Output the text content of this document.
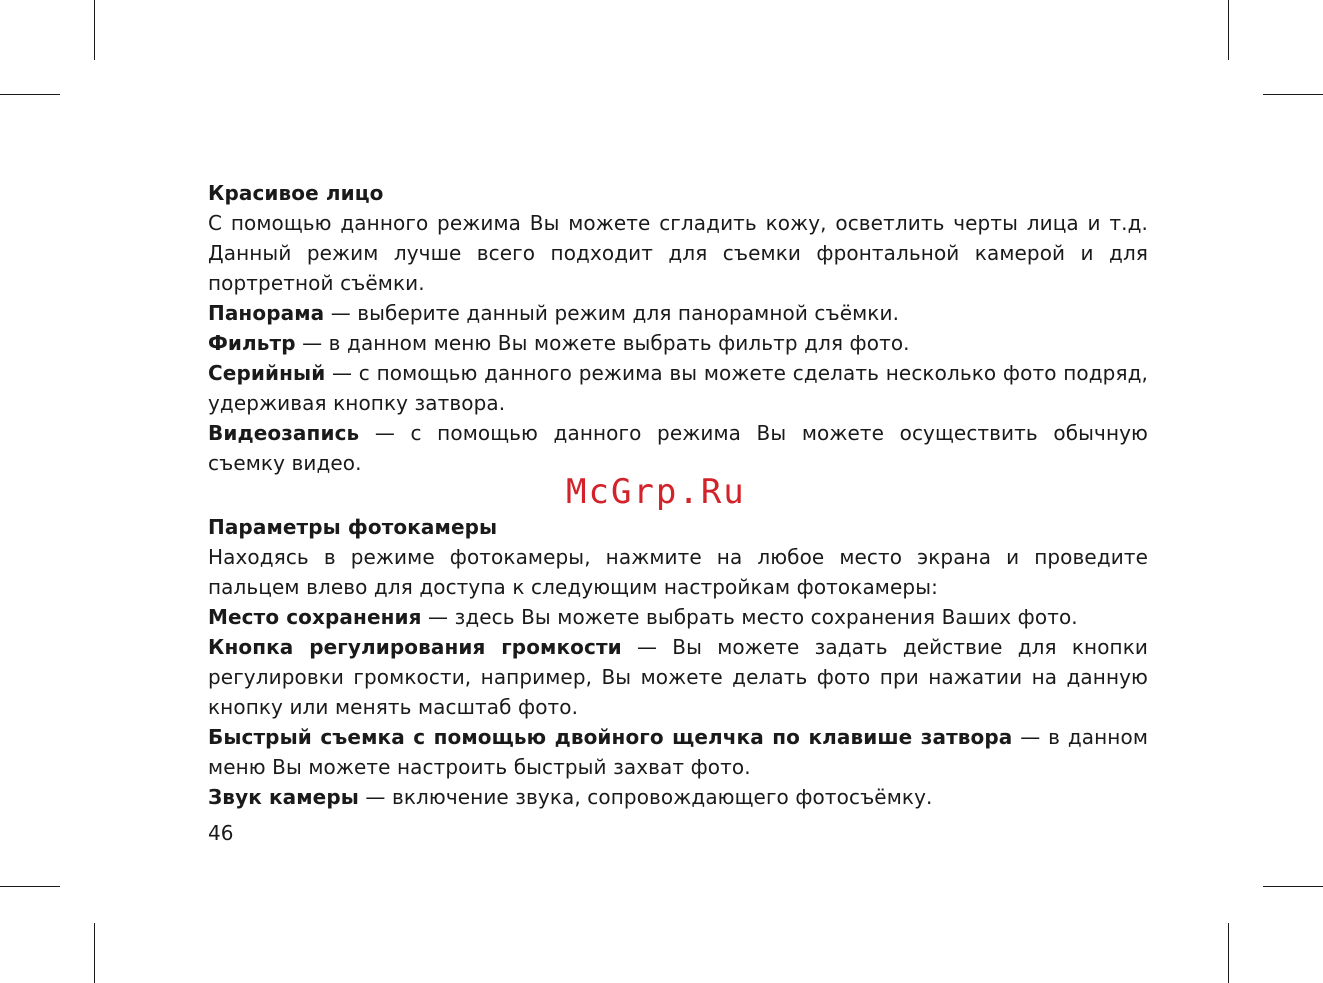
Красивое лицо

С помощью данного режима Вы можете сгладить кожу, осветлить черты лица и т.д. Данный режим лучше всего подходит для съемки фронтальной камерой и для портретной съёмки.

Панорама — выберите данный режим для панорамной съёмки.

Фильтр — в данном меню Вы можете выбрать фильтр для фото.

Серийный — с помощью данного режима вы можете сделать несколько фото подряд, удерживая кнопку затвора.

Видеозапись — с помощью данного режима Вы можете осуществить обычную съемку видео.

Параметры фотокамеры

Находясь в режиме фотокамеры, нажмите на любое место экрана и проведите пальцем влево для доступа к следующим настройкам фотокамеры:

Место сохранения — здесь Вы можете выбрать место сохранения Ваших фото.

Кнопка регулирования громкости — Вы можете задать действие для кнопки регулировки громкости, например, Вы можете делать фото при нажатии на данную кнопку или менять масштаб фото.

Быстрый съемка с помощью двойного щелчка по клавише затвора — в данном меню Вы можете настроить быстрый захват фото.

Звук камеры — включение звука, сопровождающего фотосъёмку.

McGrp.Ru
46
